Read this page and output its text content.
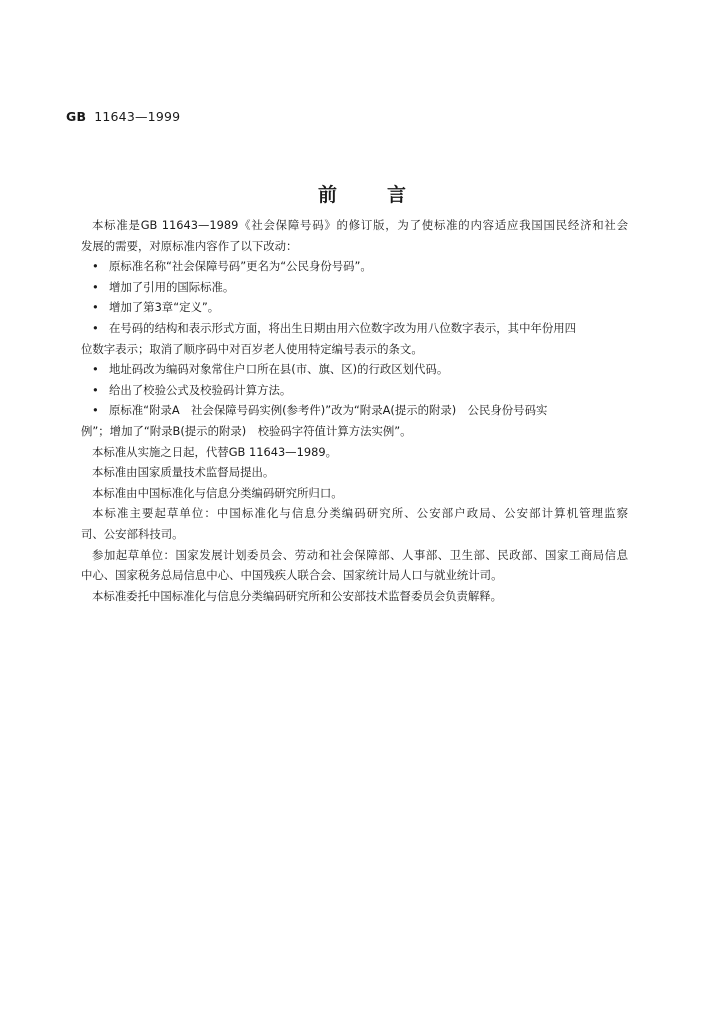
GB 11643—1999
前言

本标准是GB 11643—1989《社会保障号码》的修订版，为了使标准的内容适应我国国民经济和社会

发展的需要，对原标准内容作了以下改动：

• 原标准名称“社会保障号码”更名为“公民身份号码”。

• 增加了引用的国际标准。

• 增加了第3章“定义”。

• 在号码的结构和表示形式方面，将出生日期由用六位数字改为用八位数字表示，其中年份用四

位数字表示；取消了顺序码中对百岁老人使用特定编号表示的条文。

• 地址码改为编码对象常住户口所在县(市、旗、区)的行政区划代码。

• 给出了校验公式及校验码计算方法。

• 原标准“附录A　社会保障号码实例(参考件)”改为“附录A(提示的附录)　公民身份号码实

例”；增加了“附录B(提示的附录)　校验码字符值计算方法实例”。

本标准从实施之日起，代替GB 11643—1989。

本标准由国家质量技术监督局提出。

本标准由中国标准化与信息分类编码研究所归口。

本标准主要起草单位：中国标准化与信息分类编码研究所、公安部户政局、公安部计算机管理监察

司、公安部科技司。

参加起草单位：国家发展计划委员会、劳动和社会保障部、人事部、卫生部、民政部、国家工商局信息

中心、国家税务总局信息中心、中国残疾人联合会、国家统计局人口与就业统计司。

本标准委托中国标准化与信息分类编码研究所和公安部技术监督委员会负责解释。
